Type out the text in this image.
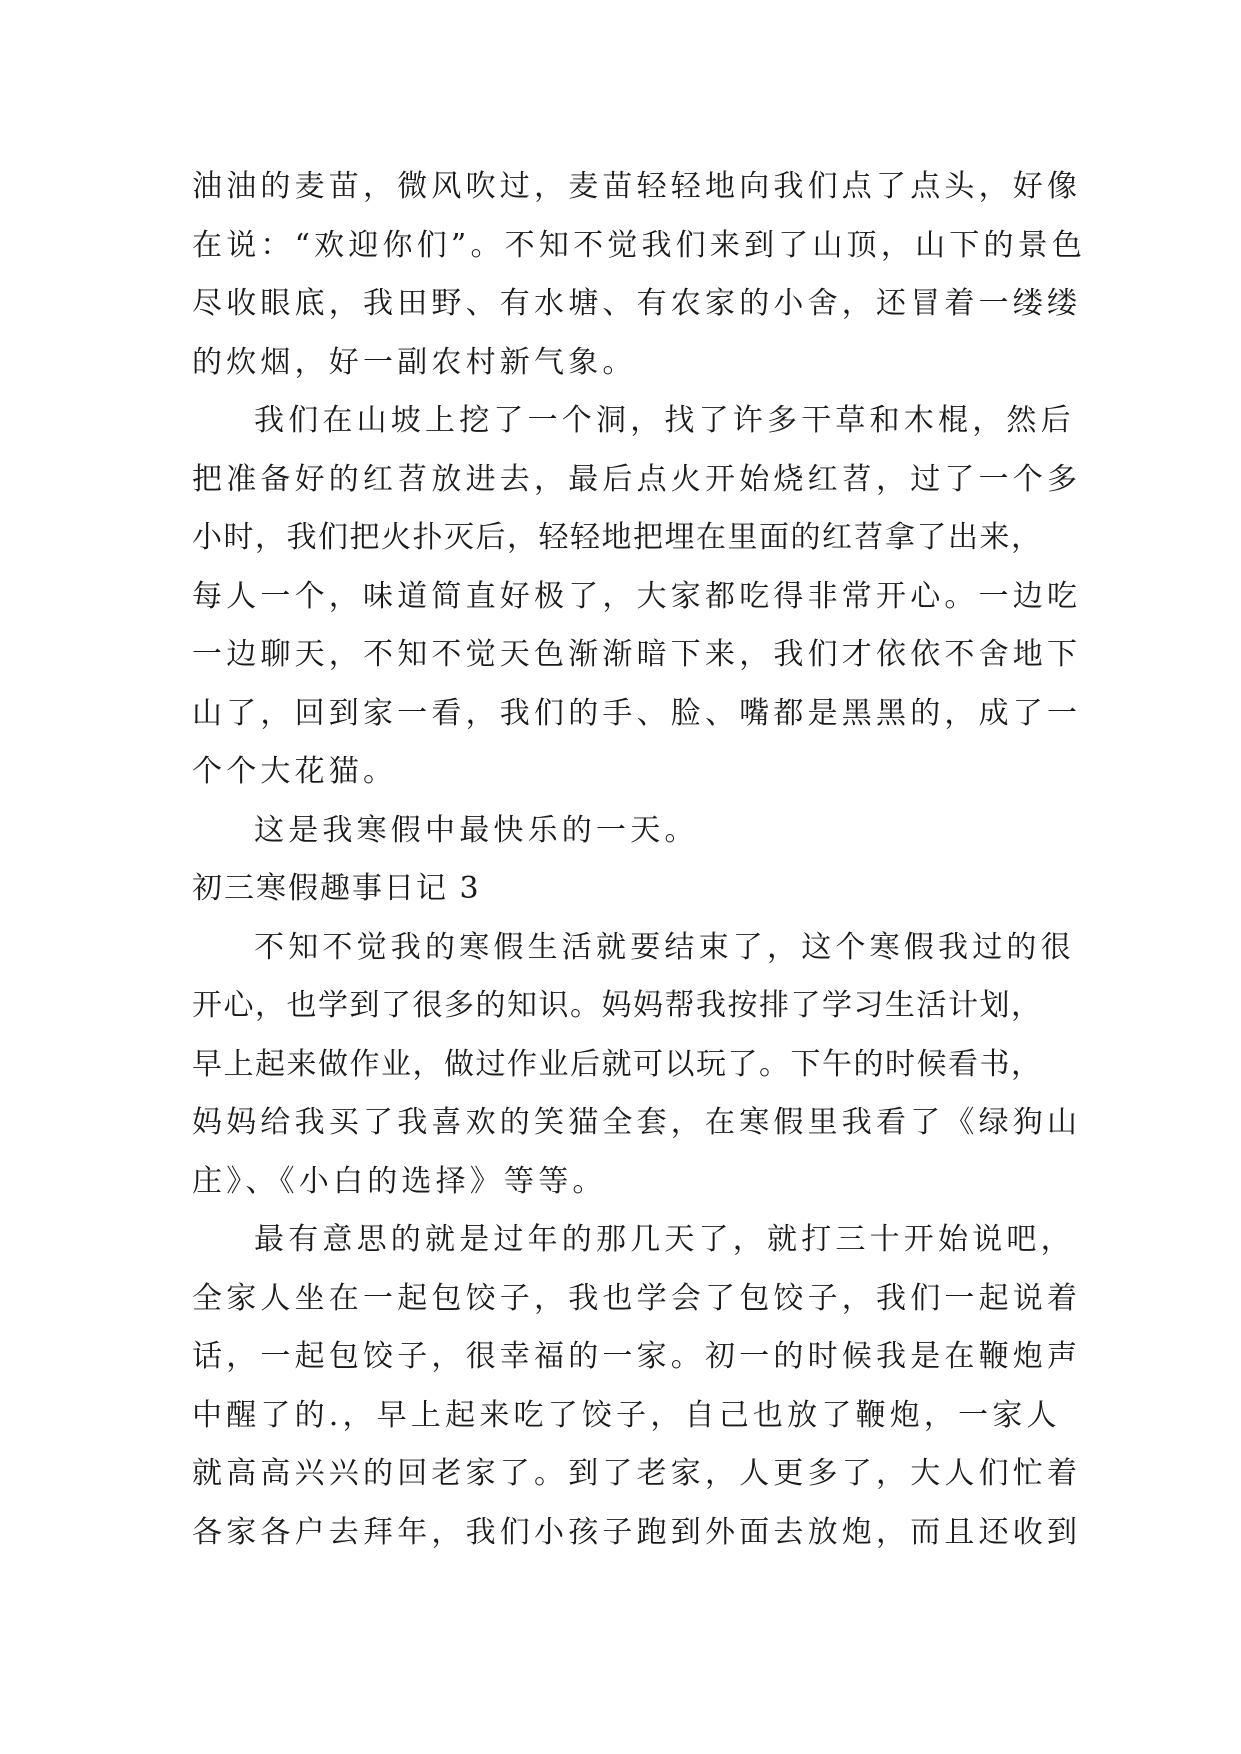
油油的麦苗，微风吹过，麦苗轻轻地向我们点了点头，好像
在说：“欢迎你们”。不知不觉我们来到了山顶，山下的景色
尽收眼底，我田野、有水塘、有农家的小舍，还冒着一缕缕
的炊烟，好一副农村新气象。
我们在山坡上挖了一个洞，找了许多干草和木棍，然后
把准备好的红苕放进去，最后点火开始烧红苕，过了一个多
小时，我们把火扑灭后，轻轻地把埋在里面的红苕拿了出来，
每人一个，味道简直好极了，大家都吃得非常开心。一边吃
一边聊天，不知不觉天色渐渐暗下来，我们才依依不舍地下
山了，回到家一看，我们的手、脸、嘴都是黑黑的，成了一
个个大花猫。
这是我寒假中最快乐的一天。
初三寒假趣事日记 3
不知不觉我的寒假生活就要结束了，这个寒假我过的很
开心，也学到了很多的知识。妈妈帮我按排了学习生活计划，
早上起来做作业，做过作业后就可以玩了。下午的时候看书，
妈妈给我买了我喜欢的笑猫全套，在寒假里我看了《绿狗山
庄》、《小白的选择》等等。
最有意思的就是过年的那几天了，就打三十开始说吧，
全家人坐在一起包饺子，我也学会了包饺子，我们一起说着
话，一起包饺子，很幸福的一家。初一的时候我是在鞭炮声
中醒了的.，早上起来吃了饺子，自己也放了鞭炮，一家人
就高高兴兴的回老家了。到了老家，人更多了，大人们忙着
各家各户去拜年，我们小孩子跑到外面去放炮，而且还收到
